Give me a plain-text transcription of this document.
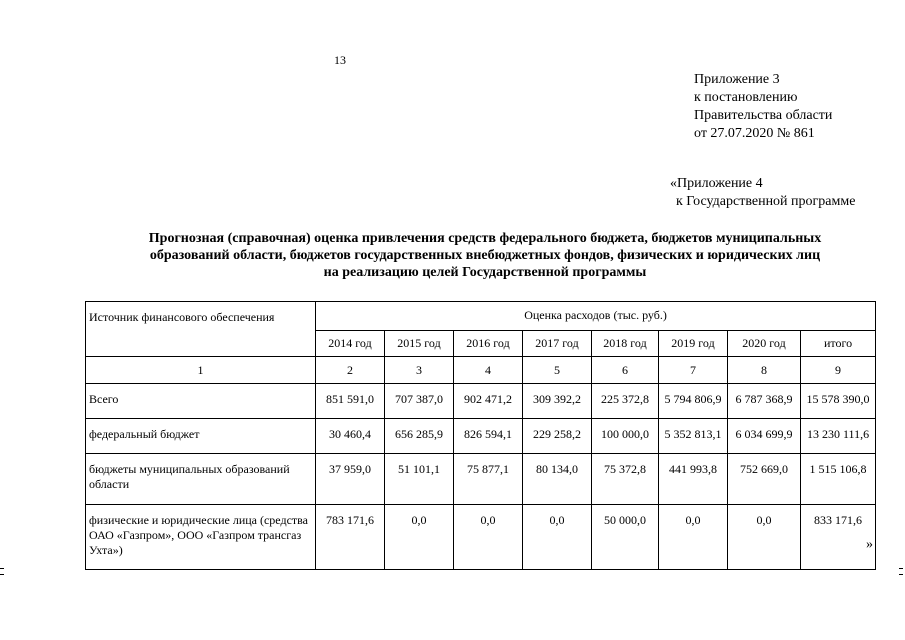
13
Приложение 3
к постановлению
Правительства области
от 27.07.2020 № 861
«Приложение 4
к Государственной программе
Прогнозная (справочная) оценка привлечения средств федерального бюджета, бюджетов муниципальных
образований области, бюджетов государственных внебюджетных фондов, физических и юридических лиц
на реализацию целей Государственной программы
Источник финансового обеспечения	Оценка расходов (тыс. руб.)							
	2014 год	2015 год	2016 год	2017 год	2018 год	2019 год	2020 год	итого
1	2	3	4	5	6	7	8	9
Всего	851 591,0	707 387,0	902 471,2	309 392,2	225 372,8	5 794 806,9	6 787 368,9	15 578 390,0
федеральный бюджет	30 460,4	656 285,9	826 594,1	229 258,2	100 000,0	5 352 813,1	6 034 699,9	13 230 111,6
бюджеты муниципальных образований области	37 959,0	51 101,1	75 877,1	80 134,0	75 372,8	441 993,8	752 669,0	1 515 106,8
физические и юридические лица (средства ОАО «Газпром», ООО «Газпром трансгаз Ухта»)	783 171,6	0,0	0,0	0,0	50 000,0	0,0	0,0	833 171,6
»
